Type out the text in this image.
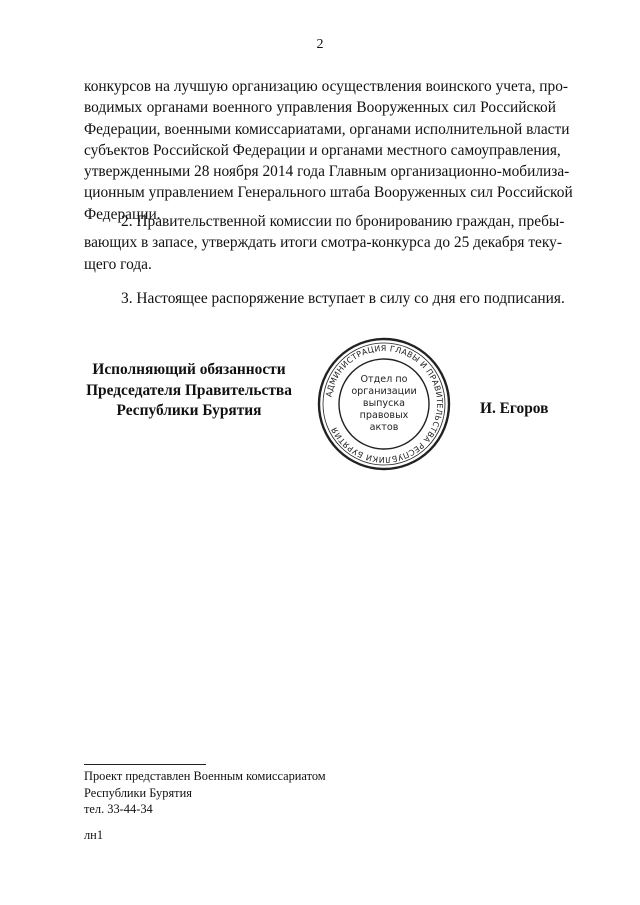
2

конкурсов на лучшую организацию осуществления воинского учета, про-
водимых органами военного управления Вооруженных сил Российской
Федерации, военными комиссариатами, органами исполнительной власти
субъектов Российской Федерации и органами местного самоуправления,
утвержденными 28 ноября 2014 года Главным организационно-мобилиза-
ционным управлением Генерального штаба Вооруженных сил Российской
Федерации.

2. Правительственной комиссии по бронированию граждан, пребы-
вающих в запасе, утверждать итоги смотра-конкурса до 25 декабря теку-
щего года.

3. Настоящее распоряжение вступает в силу со дня его подписания.

Исполняющий обязанности
Председателя Правительства
Республики Бурятия
АДМИНИСТРАЦИЯ ГЛАВЫ И ПРАВИТЕЛЬСТВА РЕСПУБЛИКИ БУРЯТИЯ
Отдел по
организации
выпуска
правовых
актов
И. Егоров
Проект представлен Военным комиссариатом
Республики Бурятия
тел. 33-44-34
лн1
